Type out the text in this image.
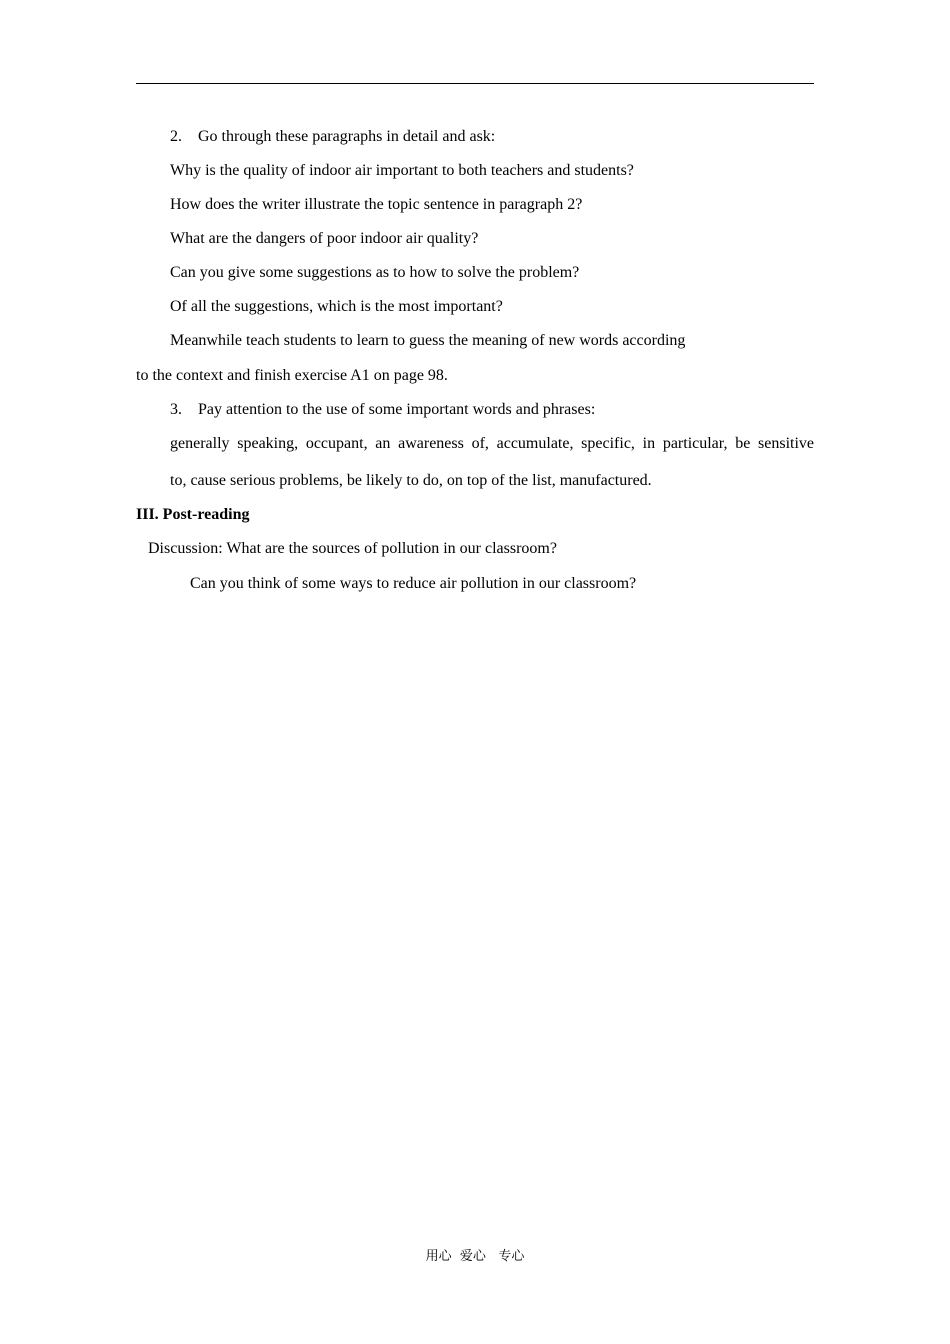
2. Go through these paragraphs in detail and ask:
Why is the quality of indoor air important to both teachers and students?
How does the writer illustrate the topic sentence in paragraph 2?
What are the dangers of poor indoor air quality?
Can you give some suggestions as to how to solve the problem?
Of all the suggestions, which is the most important?
Meanwhile teach students to learn to guess the meaning of new words according
to the context and finish exercise A1 on page 98.
3. Pay attention to the use of some important words and phrases:
generally speaking, occupant, an awareness of, accumulate, specific, in particular, be sensitive
to, cause serious problems, be likely to do, on top of the list, manufactured.
III. Post-reading
Discussion: What are the sources of pollution in our classroom?
Can you think of some ways to reduce air pollution in our classroom?
用心  爱心   专心
